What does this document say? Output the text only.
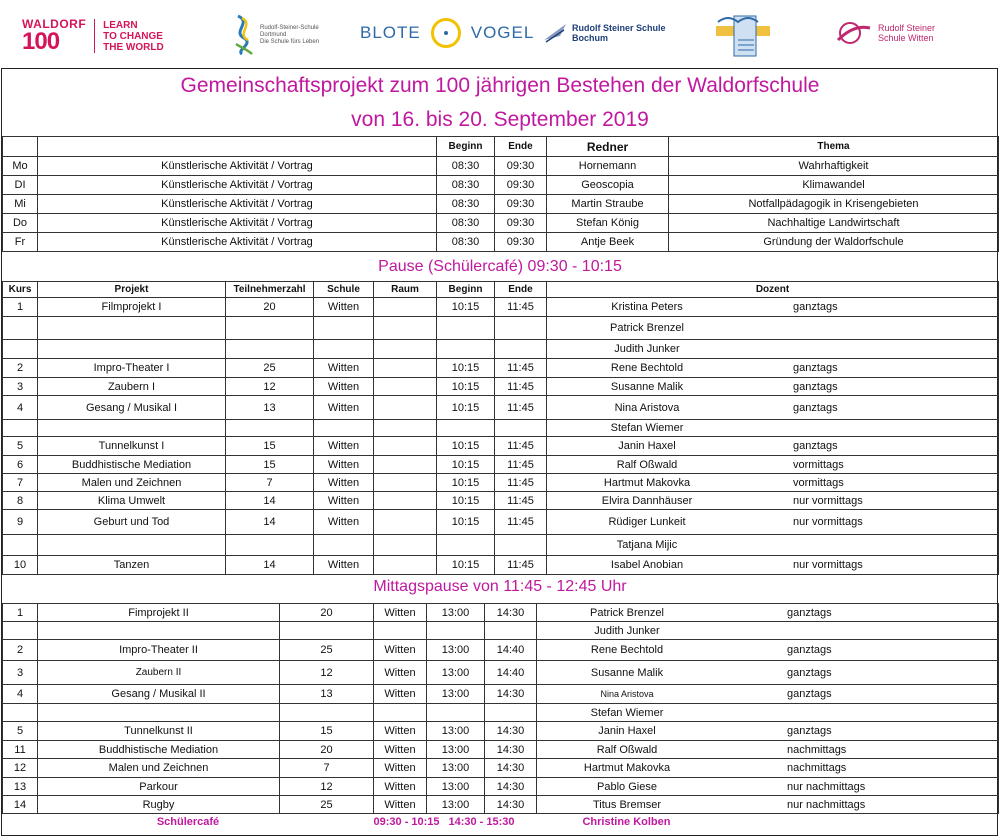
WALDORF
100
LEARN
TO CHANGE
THE WORLD
Rudolf-Steiner-Schule
Dortmund
Die Schule fürs Leben BLOTE	VOGEL	Rudolf Steiner Schule
Bochum
Rudolf Steiner
Schule Witten
Gemeinschaftsprojekt zum 100 jährigen Bestehen der Waldorfschule
von 16. bis 20. September 2019
		Beginn	Ende	Redner	Thema
Mo	Künstlerische Aktivität / Vortrag	08:30	09:30	Hornemann	Wahrhaftigkeit
DI	Künstlerische Aktivität / Vortrag	08:30	09:30	Geoscopia	Klimawandel
Mi	Künstlerische Aktivität / Vortrag	08:30	09:30	Martin Straube	Notfallpädagogik in Krisengebieten
Do	Künstlerische Aktivität / Vortrag	08:30	09:30	Stefan König	Nachhaltige Landwirtschaft
Fr	Künstlerische Aktivität / Vortrag	08:30	09:30	Antje Beek	Gründung der Waldorfschule
Pause (Schülercafé) 09:30 - 10:15
Kurs	Projekt	Teilnehmerzahl	Schule	Raum	Beginn	Ende	Dozent
1	Filmprojekt I	20	Witten		10:15	11:45	Kristina Peters ganztags

							Patrick Brenzel

							Judith Junker

2	Impro-Theater I	25	Witten		10:15	11:45	Rene Bechtold ganztags

3	Zaubern I	12	Witten		10:15	11:45	Susanne Malik ganztags

4	Gesang / Musikal I	13	Witten		10:15	11:45	Nina Aristova ganztags

							Stefan Wiemer

5	Tunnelkunst I	15	Witten		10:15	11:45	Janin Haxel ganztags

6	Buddhistische Mediation	15	Witten		10:15	11:45	Ralf Oßwald vormittags

7	Malen und Zeichnen	7	Witten		10:15	11:45	Hartmut Makovka vormittags

8	Klima Umwelt	14	Witten		10:15	11:45	Elvira Dannhäuser nur vormittags

9	Geburt und Tod	14	Witten		10:15	11:45	Rüdiger Lunkeit nur vormittags

							Tatjana Mijic

10	Tanzen	14	Witten		10:15	11:45	Isabel Anobian nur vormittags
Mittagspause von 11:45 - 12:45 Uhr
1	Fimprojekt II	20	Witten		13:00	14:30	Patrick Brenzel ganztags

							Judith Junker

2	Impro-Theater II	25	Witten		13:00	14:40	Rene Bechtold ganztags

3	Zaubern II	12	Witten		13:00	14:40	Susanne Malik ganztags

4	Gesang / Musikal II	13	Witten		13:00	14:30	Nina Aristova ganztags

							Stefan Wiemer

5	Tunnelkunst II	15	Witten		13:00	14:30	Janin Haxel ganztags

11	Buddhistische Mediation	20	Witten		13:00	14:30	Ralf Oßwald nachmittags

12	Malen und Zeichnen	7	Witten		13:00	14:30	Hartmut Makovka nachmittags

13	Parkour	12	Witten		13:00	14:30	Pablo Giese nur nachmittags

14	Rugby	25	Witten		13:00	14:30	Titus Bremser nur nachmittags

Schülercafé			09:30 - 10:15	14:30 - 15:30		Christine Kolben
